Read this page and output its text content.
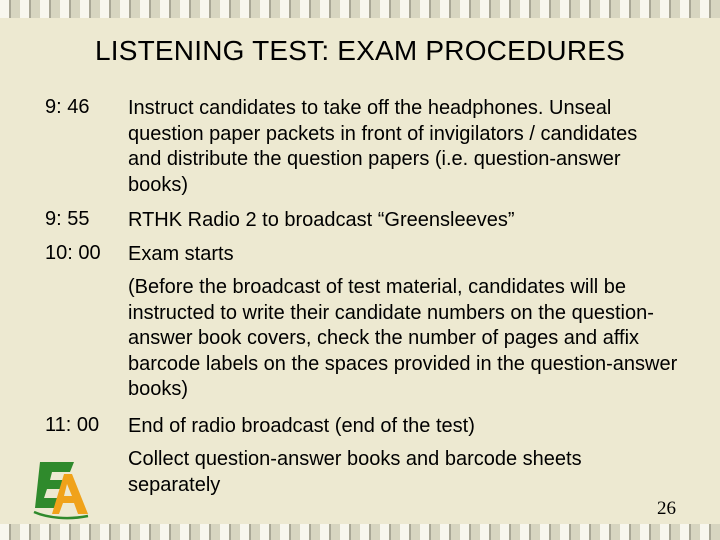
LISTENING TEST: EXAM PROCEDURES
9: 46 Instruct candidates to take off the headphones. Unseal question paper packets in front of invigilators / candidates and distribute the question papers (i.e. question-answer books)
9: 55 RTHK Radio 2 to broadcast “Greensleeves”
10: 00 Exam starts
(Before the broadcast of test material, candidates will be instructed to write their candidate numbers on the question-answer book covers, check the number of pages and affix barcode labels on the spaces provided in the question-answer books)
11: 00 End of radio broadcast (end of the test)
Collect question-answer books and barcode sheets separately
26
